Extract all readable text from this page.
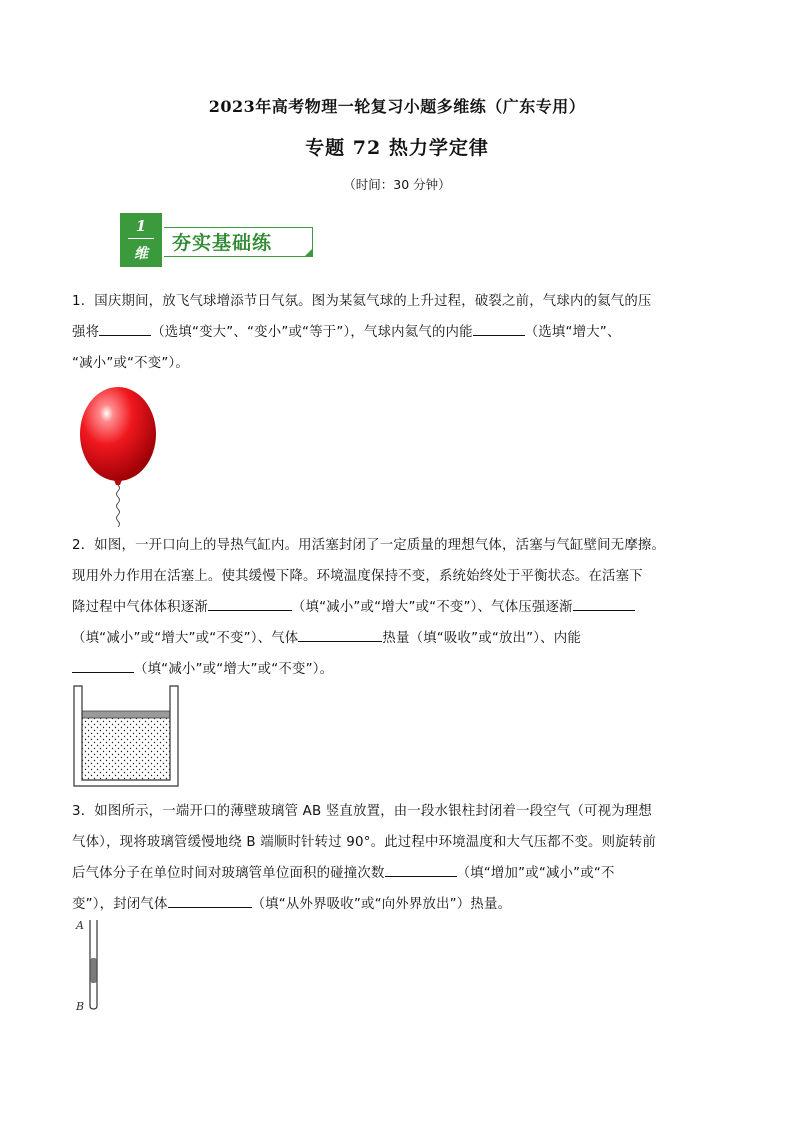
2023年高考物理一轮复习小题多维练（广东专用）
专题 72 热力学定律
（时间：30 分钟）
1
维	夯实基础练
1．国庆期间，放飞气球增添节日气氛。图为某氦气球的上升过程，破裂之前，气球内的氦气的压
强将	（选填“变大”、“变小”或“等于”），气球内氦气的内能	（选填“增大”、
“减小”或“不变”）。
2．如图，一开口向上的导热气缸内。用活塞封闭了一定质量的理想气体，活塞与气缸壁间无摩擦。
现用外力作用在活塞上。使其缓慢下降。环境温度保持不变，系统始终处于平衡状态。在活塞下
降过程中气体体积逐渐	（填“减小”或“增大”或“不变”）、气体压强逐渐
（填“减小”或“增大”或“不变”）、气体	热量（填“吸收”或“放出”）、内能
（填“减小”或“增大”或“不变”）。
3．如图所示，一端开口的薄壁玻璃管 AB 竖直放置，由一段水银柱封闭着一段空气（可视为理想
气体），现将玻璃管缓慢地绕 B 端顺时针转过 90°。此过程中环境温度和大气压都不变。则旋转前
后气体分子在单位时间对玻璃管单位面积的碰撞次数	（填“增加”或“减小”或“不
变”），封闭气体	（填“从外界吸收”或“向外界放出”）热量。
A
B
